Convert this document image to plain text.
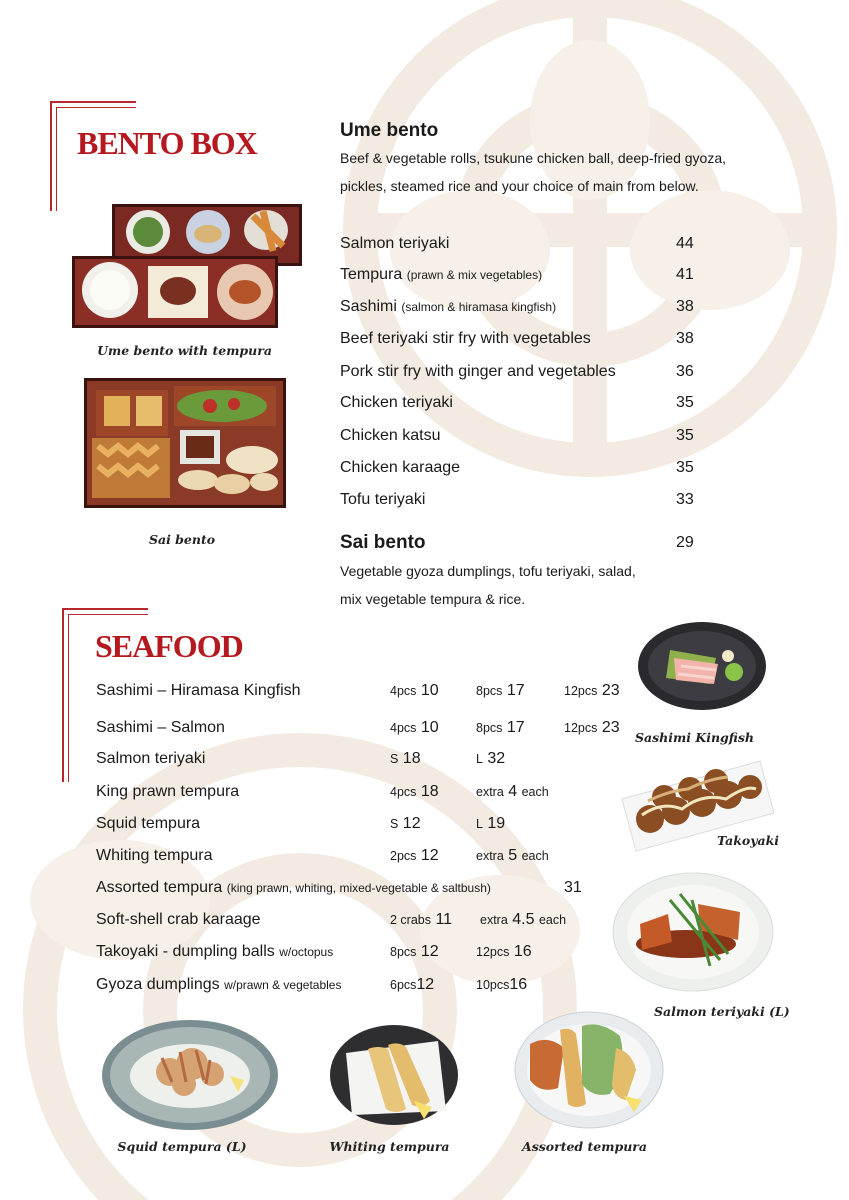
BENTO BOX	Ume bento
Beef & vegetable rolls, tsukune chicken ball, deep-fried gyoza,
pickles, steamed rice and your choice of main from below.
Salmon teriyaki	44
Tempura (prawn & mix vegetables)	41
Sashimi (salmon & hiramasa kingfish)	38
Beef teriyaki stir fry with vegetables	38
Pork stir fry with ginger and vegetables	36
Chicken teriyaki	35
Chicken katsu	35
Chicken karaage	35
Tofu teriyaki	33
Sai bento	29
Vegetable gyoza dumplings, tofu teriyaki, salad,
mix vegetable tempura & rice.
Ume bento with tempura
Sai bento
SEAFOOD
Sashimi – Hiramasa Kingfish	4pcs 10	8pcs 17	12pcs 23
Sashimi – Salmon	4pcs 10	8pcs 17	12pcs 23
Salmon teriyaki	S 18	L 32
King prawn tempura	4pcs 18	extra 4 each
Squid tempura	S 12	L 19
Whiting tempura	2pcs 12	extra 5 each
Assorted tempura (king prawn, whiting, mixed-vegetable & saltbush)	31
Soft-shell crab karaage	2 crabs 11 extra 4.5 each
Takoyaki - dumpling balls w/octopus	8pcs 12	12pcs 16
Gyoza dumplings w/prawn & vegetables	6pcs12	10pcs16
Sashimi Kingfish
Takoyaki
Salmon teriyaki (L)
Squid tempura (L)	Whiting tempura	Assorted tempura
